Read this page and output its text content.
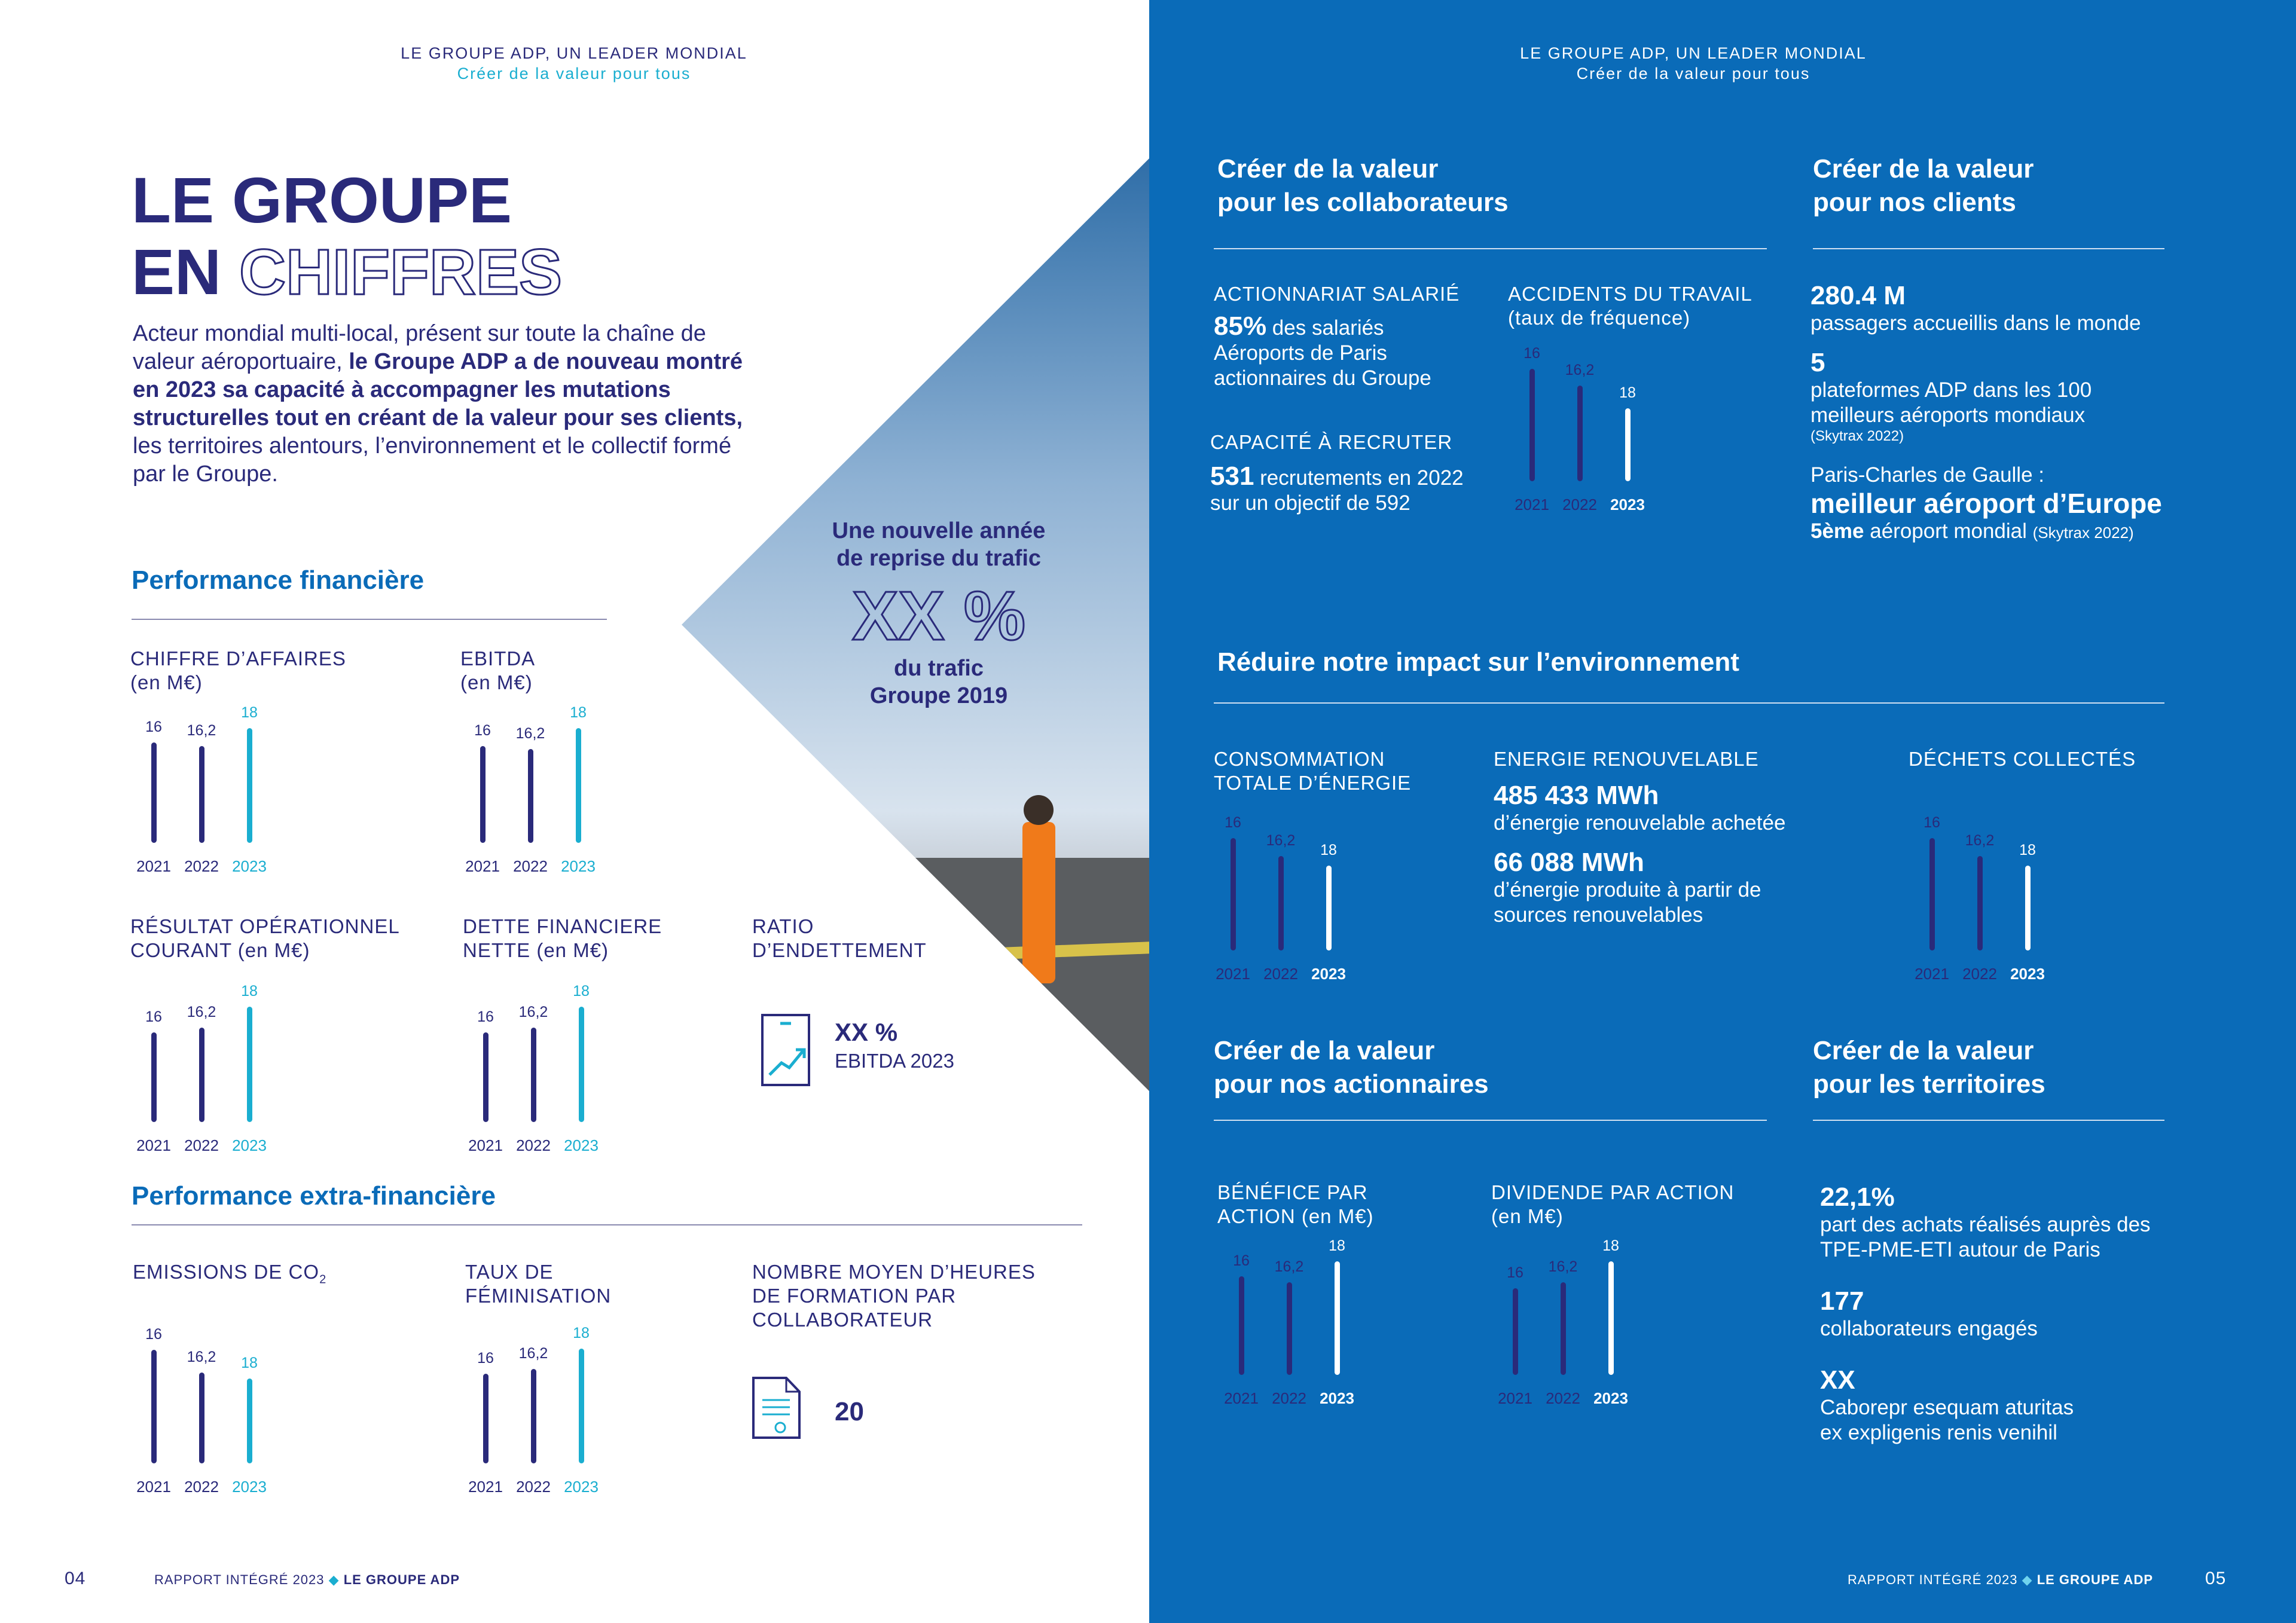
LE GROUPE ADP, UN LEADER MONDIAL
Créer de la valeur pour tous
LE GROUPE
EN CHIFFRES
Acteur mondial multi-local, présent sur toute la chaîne de valeur aéroportuaire, le Groupe ADP a de nouveau montré en 2023 sa capacité à accompagner les mutations structurelles tout en créant de la valeur pour ses clients, les territoires alentours, l’environnement et le collectif formé par le Groupe.
Une nouvelle année
de reprise du trafic
XX %
du trafic
Groupe 2019
Performance financière
CHIFFRE D’AFFAIRES
(en M€)
EBITDA
(en M€)
RÉSULTAT OPÉRATIONNEL
COURANT (en M€)
DETTE FINANCIERE
NETTE (en M€)
RATIO
D’ENDETTEMENT
XX %
EBITDA 2023
Performance extra-financière
EMISSIONS DE $CO_2$	TAUX DE
FÉMINISATION
NOMBRE MOYEN D’HEURES
DE FORMATION PAR
COLLABORATEUR
20
04	RAPPORT INTÉGRÉ 2023 ◆ LE GROUPE ADP
LE GROUPE ADP, UN LEADER MONDIAL
Créer de la valeur pour tous
Créer de la valeur
pour les collaborateurs
ACTIONNARIAT SALARIÉ
85% des salariés
Aéroports de Paris
actionnaires du Groupe
CAPACITÉ À RECRUTER
531 recrutements en 2022
sur un objectif de 592
ACCIDENTS DU TRAVAIL
(taux de fréquence)
Créer de la valeur
pour nos clients
280.4 M
passagers accueillis dans le monde
5
plateformes ADP dans les 100
meilleurs aéroports mondiaux
(Skytrax 2022)
Paris-Charles de Gaulle :
meilleur aéroport d’Europe
5ème aéroport mondial (Skytrax 2022)
Réduire notre impact sur l’environnement
CONSOMMATION
TOTALE D’ÉNERGIE
ENERGIE RENOUVELABLE
485 433 MWh
d’énergie renouvelable achetée
66 088 MWh
d’énergie produite à partir de
sources renouvelables
DÉCHETS COLLECTÉS
Créer de la valeur
pour nos actionnaires
BÉNÉFICE PAR
ACTION (en M€)
DIVIDENDE PAR ACTION
(en M€)
Créer de la valeur
pour les territoires
22,1%
part des achats réalisés auprès des
TPE-PME-ETI autour de Paris
177
collaborateurs engagés
XX
Caborepr esequam aturitas
ex expligenis renis venihil
RAPPORT INTÉGRÉ 2023 ◆ LE GROUPE ADP	05
16
2021
16,2
2022
18
2023
16
2021
16,2
2022
18
2023
16
2021
16,2
2022
18
2023
16
2021
16,2
2022
18
2023
16
2021
16,2
2022
18
2023
16
2021
16,2
2022
18
2023
16
2021
16,2
2022
18
2023
16
2021
16,2
2022
18
2023
16
2021
16,2
2022
18
2023
16
2021
16,2
2022
18
2023
16
2021
16,2
2022
18
2023
